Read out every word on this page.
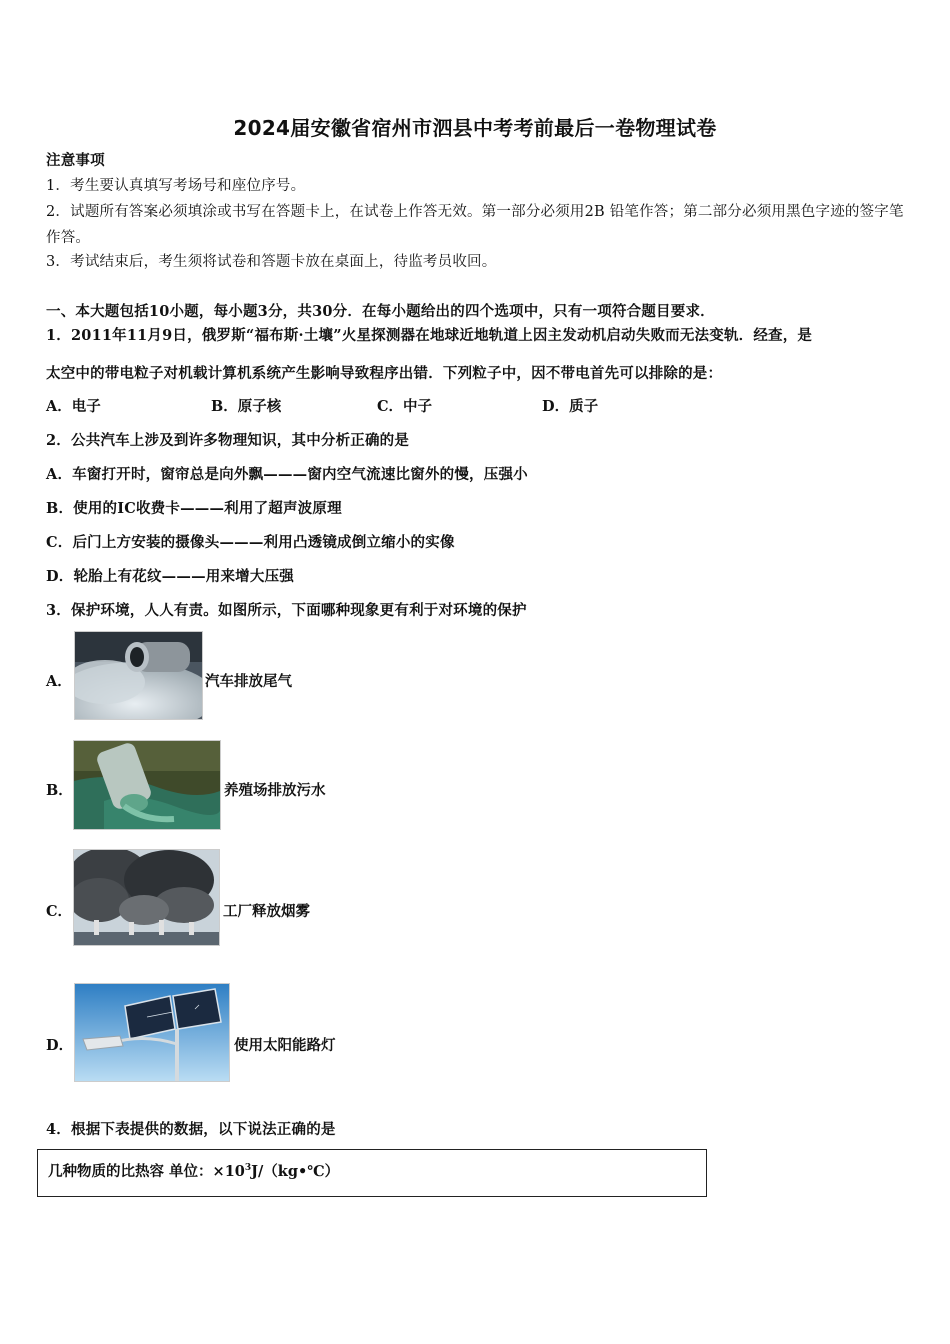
2024届安徽省宿州市泗县中考考前最后一卷物理试卷
注意事项
1．考生要认真填写考场号和座位序号。
2．试题所有答案必须填涂或书写在答题卡上，在试卷上作答无效。第一部分必须用2B 铅笔作答；第二部分必须用黑色字迹的签字笔作答。
3．考试结束后，考生须将试卷和答题卡放在桌面上，待监考员收回。
一、本大题包括10小题，每小题3分，共30分．在每小题给出的四个选项中，只有一项符合题目要求．
1．2011年11月9日，俄罗斯“福布斯·土壤”火星探测器在地球近地轨道上因主发动机启动失败而无法变轨．经查，是
太空中的带电粒子对机载计算机系统产生影响导致程序出错．下列粒子中，因不带电首先可以排除的是：
A．电子	B．原子核	C．中子	D．质子
2．公共汽车上涉及到许多物理知识，其中分析正确的是
A．车窗打开时，窗帘总是向外飘———窗内空气流速比窗外的慢，压强小
B．使用的IC收费卡———利用了超声波原理
C．后门上方安装的摄像头———利用凸透镜成倒立缩小的实像
D．轮胎上有花纹———用来增大压强
3．保护环境，人人有责。如图所示，下面哪种现象更有利于对环境的保护
A．	汽车排放尾气
B．	养殖场排放污水
C．	工厂释放烟雾
D．	使用太阳能路灯
4．根据下表提供的数据，以下说法正确的是
几种物质的比热容 单位：$\times 10^3J/(kg•℃)$
